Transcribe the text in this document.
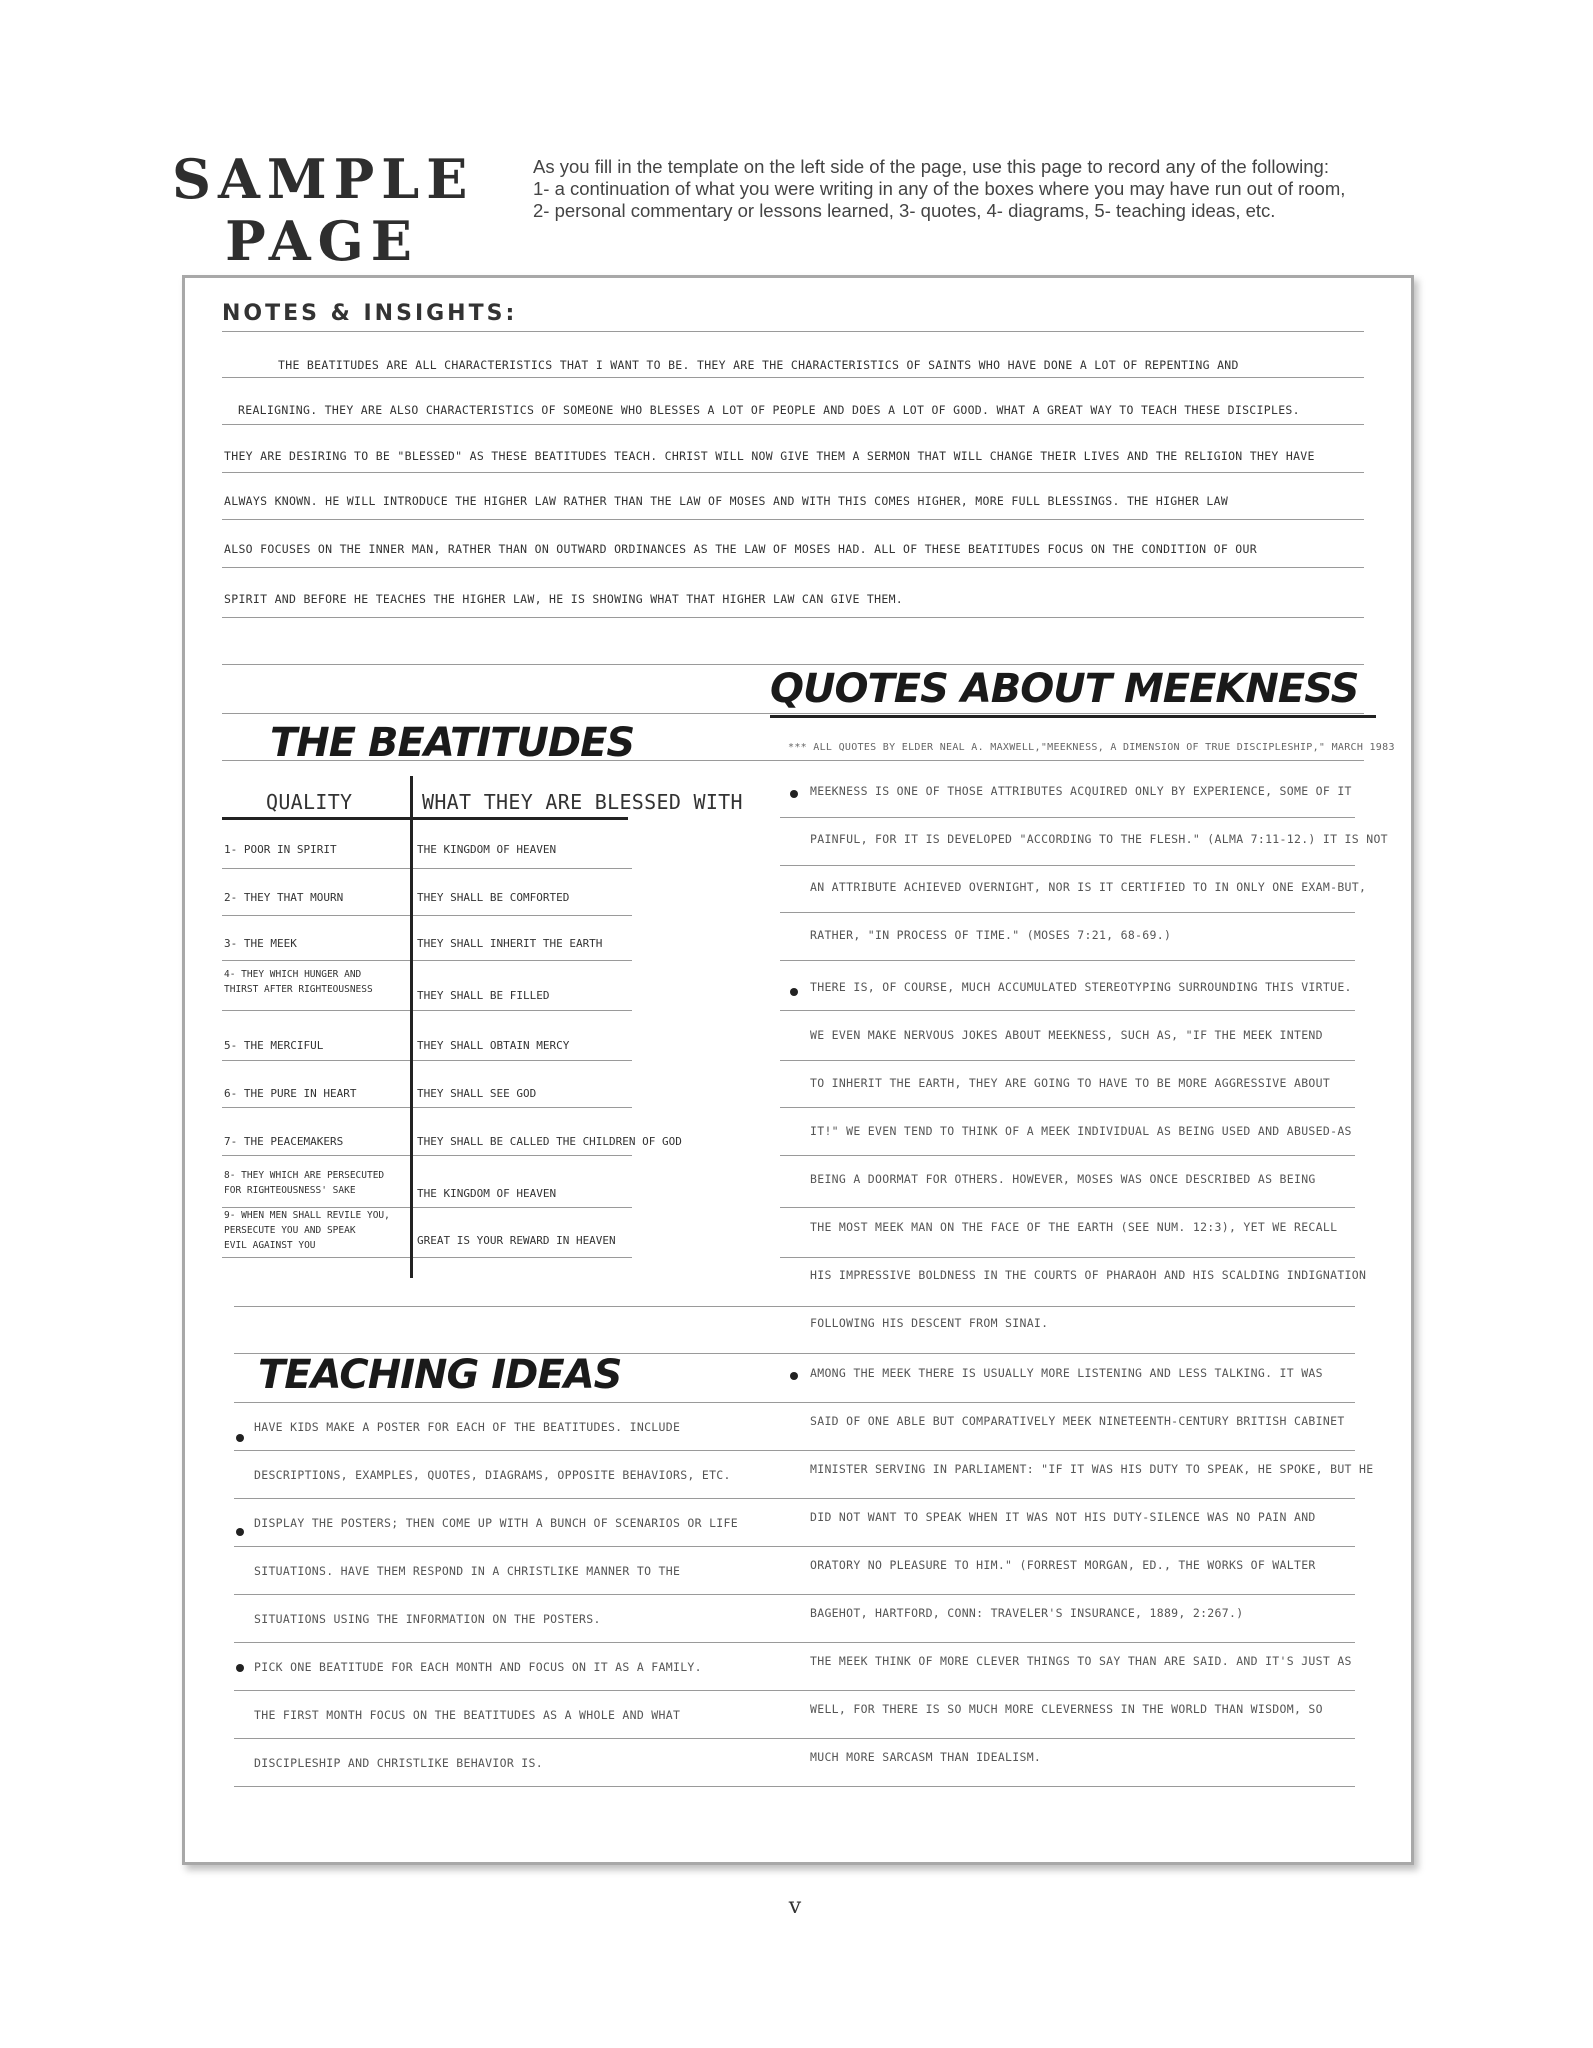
SAMPLE
PAGE
As you fill in the template on the left side of the page, use this page to record any of the following:
1- a continuation of what you were writing in any of the boxes where you may have run out of room,
2- personal commentary or lessons learned, 3- quotes, 4- diagrams, 5- teaching ideas, etc.
NOTES & INSIGHTS:
THE BEATITUDES ARE ALL CHARACTERISTICS THAT I WANT TO BE. THEY ARE THE CHARACTERISTICS OF SAINTS WHO HAVE DONE A LOT OF REPENTING AND
REALIGNING. THEY ARE ALSO CHARACTERISTICS OF SOMEONE WHO BLESSES A LOT OF PEOPLE AND DOES A LOT OF GOOD. WHAT A GREAT WAY TO TEACH THESE DISCIPLES.
THEY ARE DESIRING TO BE "BLESSED" AS THESE BEATITUDES TEACH. CHRIST WILL NOW GIVE THEM A SERMON THAT WILL CHANGE THEIR LIVES AND THE RELIGION THEY HAVE
ALWAYS KNOWN. HE WILL INTRODUCE THE HIGHER LAW RATHER THAN THE LAW OF MOSES AND WITH THIS COMES HIGHER, MORE FULL BLESSINGS. THE HIGHER LAW
ALSO FOCUSES ON THE INNER MAN, RATHER THAN ON OUTWARD ORDINANCES AS THE LAW OF MOSES HAD. ALL OF THESE BEATITUDES FOCUS ON THE CONDITION OF OUR
SPIRIT AND BEFORE HE TEACHES THE HIGHER LAW, HE IS SHOWING WHAT THAT HIGHER LAW CAN GIVE THEM.
THE BEATITUDES
QUALITY	WHAT THEY ARE BLESSED WITH
1- POOR IN SPIRIT	THE KINGDOM OF HEAVEN
2- THEY THAT MOURN	THEY SHALL BE COMFORTED
3- THE MEEK	THEY SHALL INHERIT THE EARTH
4- THEY WHICH HUNGER AND
THIRST AFTER RIGHTEOUSNESS	THEY SHALL BE FILLED
5- THE MERCIFUL	THEY SHALL OBTAIN MERCY
6- THE PURE IN HEART	THEY SHALL SEE GOD
7- THE PEACEMAKERS	THEY SHALL BE CALLED THE CHILDREN OF GOD
8- THEY WHICH ARE PERSECUTED
FOR RIGHTEOUSNESS' SAKE	THE KINGDOM OF HEAVEN
9- WHEN MEN SHALL REVILE YOU,
PERSECUTE YOU AND SPEAK
EVIL AGAINST YOU	GREAT IS YOUR REWARD IN HEAVEN
QUOTES ABOUT MEEKNESS
*** ALL QUOTES BY ELDER NEAL A. MAXWELL,"MEEKNESS, A DIMENSION OF TRUE DISCIPLESHIP," MARCH 1983
MEEKNESS IS ONE OF THOSE ATTRIBUTES ACQUIRED ONLY BY EXPERIENCE, SOME OF IT
PAINFUL, FOR IT IS DEVELOPED "ACCORDING TO THE FLESH." (ALMA 7:11-12.) IT IS NOT
AN ATTRIBUTE ACHIEVED OVERNIGHT, NOR IS IT CERTIFIED TO IN ONLY ONE EXAM-BUT,
RATHER, "IN PROCESS OF TIME." (MOSES 7:21, 68-69.)
THERE IS, OF COURSE, MUCH ACCUMULATED STEREOTYPING SURROUNDING THIS VIRTUE.
WE EVEN MAKE NERVOUS JOKES ABOUT MEEKNESS, SUCH AS, "IF THE MEEK INTEND
TO INHERIT THE EARTH, THEY ARE GOING TO HAVE TO BE MORE AGGRESSIVE ABOUT
IT!" WE EVEN TEND TO THINK OF A MEEK INDIVIDUAL AS BEING USED AND ABUSED-AS
BEING A DOORMAT FOR OTHERS. HOWEVER, MOSES WAS ONCE DESCRIBED AS BEING
THE MOST MEEK MAN ON THE FACE OF THE EARTH (SEE NUM. 12:3), YET WE RECALL
HIS IMPRESSIVE BOLDNESS IN THE COURTS OF PHARAOH AND HIS SCALDING INDIGNATION
FOLLOWING HIS DESCENT FROM SINAI.
AMONG THE MEEK THERE IS USUALLY MORE LISTENING AND LESS TALKING. IT WAS
SAID OF ONE ABLE BUT COMPARATIVELY MEEK NINETEENTH-CENTURY BRITISH CABINET
MINISTER SERVING IN PARLIAMENT: "IF IT WAS HIS DUTY TO SPEAK, HE SPOKE, BUT HE
DID NOT WANT TO SPEAK WHEN IT WAS NOT HIS DUTY-SILENCE WAS NO PAIN AND
ORATORY NO PLEASURE TO HIM." (FORREST MORGAN, ED., THE WORKS OF WALTER
BAGEHOT, HARTFORD, CONN: TRAVELER'S INSURANCE, 1889, 2:267.)
THE MEEK THINK OF MORE CLEVER THINGS TO SAY THAN ARE SAID. AND IT'S JUST AS
WELL, FOR THERE IS SO MUCH MORE CLEVERNESS IN THE WORLD THAN WISDOM, SO
MUCH MORE SARCASM THAN IDEALISM.
TEACHING IDEAS
HAVE KIDS MAKE A POSTER FOR EACH OF THE BEATITUDES. INCLUDE
DESCRIPTIONS, EXAMPLES, QUOTES, DIAGRAMS, OPPOSITE BEHAVIORS, ETC.
DISPLAY THE POSTERS; THEN COME UP WITH A BUNCH OF SCENARIOS OR LIFE
SITUATIONS. HAVE THEM RESPOND IN A CHRISTLIKE MANNER TO THE
SITUATIONS USING THE INFORMATION ON THE POSTERS.
PICK ONE BEATITUDE FOR EACH MONTH AND FOCUS ON IT AS A FAMILY.
THE FIRST MONTH FOCUS ON THE BEATITUDES AS A WHOLE AND WHAT
DISCIPLESHIP AND CHRISTLIKE BEHAVIOR IS.
v
